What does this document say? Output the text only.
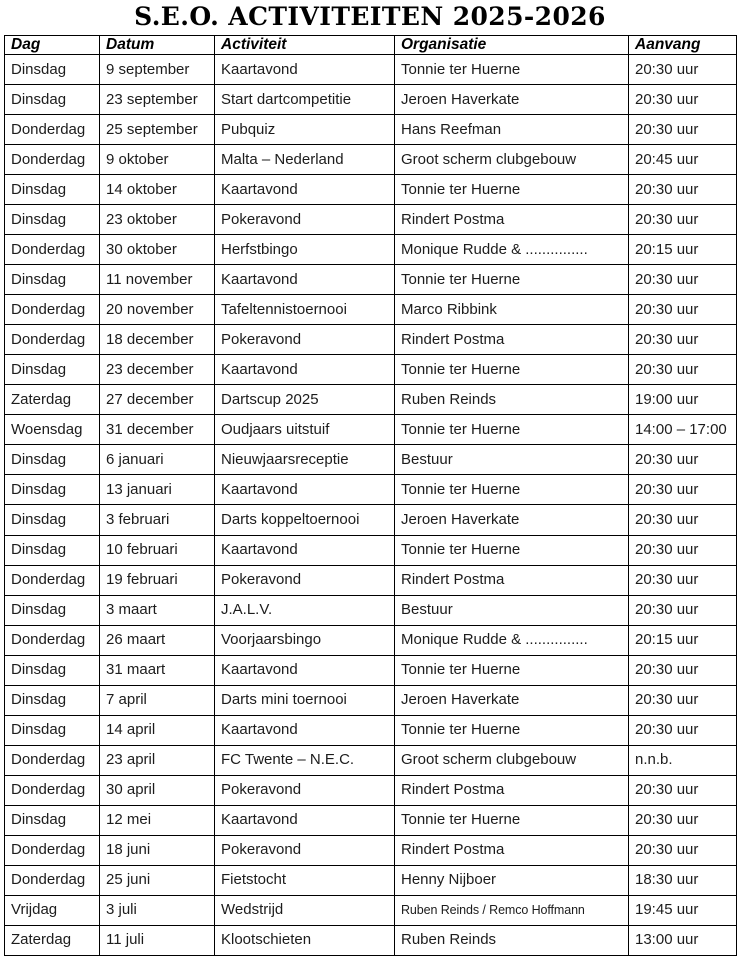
S.E.O. ACTIVITEITEN 2025-2026
Dag	Datum	Activiteit	Organisatie	Aanvang
Dinsdag	9 september	Kaartavond	Tonnie ter Huerne	20:30 uur
Dinsdag	23 september	Start dartcompetitie	Jeroen Haverkate	20:30 uur
Donderdag	25 september	Pubquiz	Hans Reefman	20:30 uur
Donderdag	9 oktober	Malta – Nederland	Groot scherm clubgebouw	20:45 uur
Dinsdag	14 oktober	Kaartavond	Tonnie ter Huerne	20:30 uur
Dinsdag	23 oktober	Pokeravond	Rindert Postma	20:30 uur
Donderdag	30 oktober	Herfstbingo	Monique Rudde & ...............	20:15 uur
Dinsdag	11 november	Kaartavond	Tonnie ter Huerne	20:30 uur
Donderdag	20 november	Tafeltennistoernooi	Marco Ribbink	20:30 uur
Donderdag	18 december	Pokeravond	Rindert Postma	20:30 uur
Dinsdag	23 december	Kaartavond	Tonnie ter Huerne	20:30 uur
Zaterdag	27 december	Dartscup 2025	Ruben Reinds	19:00 uur
Woensdag	31 december	Oudjaars uitstuif	Tonnie ter Huerne	14:00 – 17:00
Dinsdag	6 januari	Nieuwjaarsreceptie	Bestuur	20:30 uur
Dinsdag	13 januari	Kaartavond	Tonnie ter Huerne	20:30 uur
Dinsdag	3 februari	Darts koppeltoernooi	Jeroen Haverkate	20:30 uur
Dinsdag	10 februari	Kaartavond	Tonnie ter Huerne	20:30 uur
Donderdag	19 februari	Pokeravond	Rindert Postma	20:30 uur
Dinsdag	3 maart	J.A.L.V.	Bestuur	20:30 uur
Donderdag	26 maart	Voorjaarsbingo	Monique Rudde & ...............	20:15 uur
Dinsdag	31 maart	Kaartavond	Tonnie ter Huerne	20:30 uur
Dinsdag	7 april	Darts mini toernooi	Jeroen Haverkate	20:30 uur
Dinsdag	14 april	Kaartavond	Tonnie ter Huerne	20:30 uur
Donderdag	23 april	FC Twente – N.E.C.	Groot scherm clubgebouw	n.n.b.
Donderdag	30 april	Pokeravond	Rindert Postma	20:30 uur
Dinsdag	12 mei	Kaartavond	Tonnie ter Huerne	20:30 uur
Donderdag	18 juni	Pokeravond	Rindert Postma	20:30 uur
Donderdag	25 juni	Fietstocht	Henny Nijboer	18:30 uur
Vrijdag	3 juli	Wedstrijd	Ruben Reinds / Remco Hoffmann	19:45 uur
Zaterdag	11 juli	Klootschieten	Ruben Reinds	13:00 uur
